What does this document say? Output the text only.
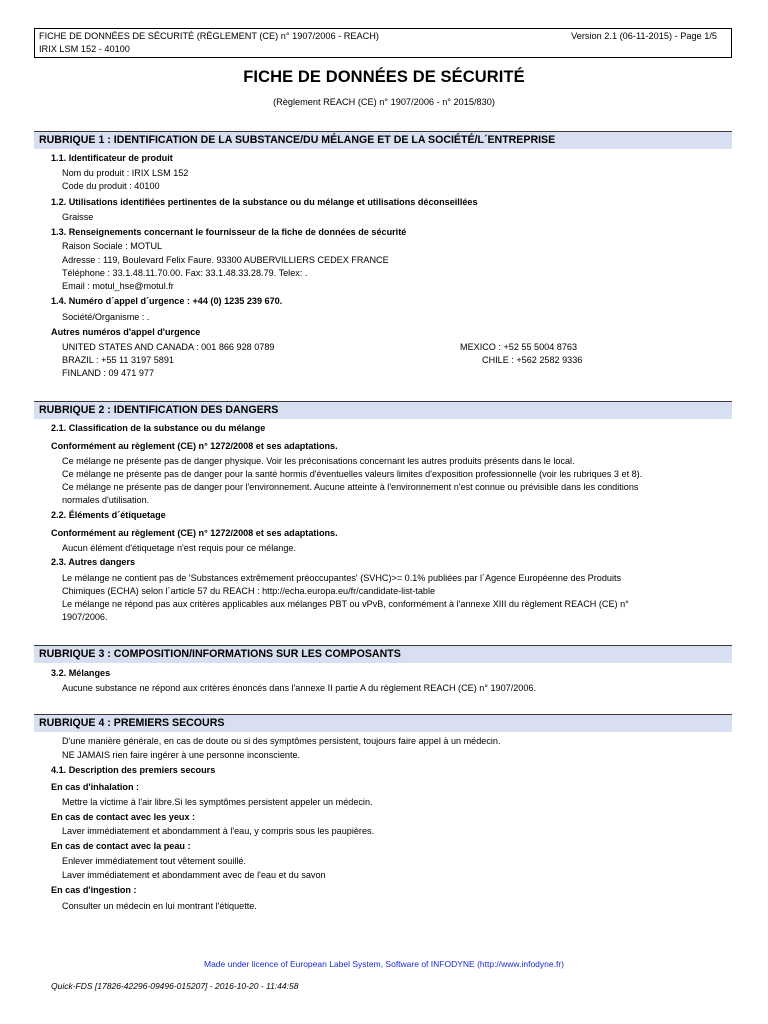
FICHE DE DONNÉES DE SÉCURITÉ (RÈGLEMENT (CE) n° 1907/2006 - REACH)
IRIX LSM 152 - 40100
Version 2.1 (06-11-2015) - Page 1/5
FICHE DE DONNÉES DE SÉCURITÉ
(Règlement REACH (CE) n° 1907/2006 - n° 2015/830)
RUBRIQUE 1 : IDENTIFICATION DE LA SUBSTANCE/DU MÉLANGE ET DE LA SOCIÉTÉ/L´ENTREPRISE
1.1. Identificateur de produit
Nom du produit : IRIX LSM 152
Code du produit : 40100
1.2. Utilisations identifiées pertinentes de la substance ou du mélange et utilisations déconseillées
Graisse
1.3. Renseignements concernant le fournisseur de la fiche de données de sécurité
Raison Sociale : MOTUL
Adresse : 119, Boulevard Felix Faure. 93300 AUBERVILLIERS CEDEX FRANCE
Téléphone : 33.1.48.11.70.00. Fax: 33.1.48.33.28.79. Telex: .
Email : motul_hse@motul.fr
1.4. Numéro d´appel d´urgence : +44 (0) 1235 239 670.
Société/Organisme : .
Autres numéros d'appel d'urgence
UNITED STATES AND CANADA : 001 866 928 0789
BRAZIL : +55 11 3197 5891
FINLAND : 09 471 977
MEXICO : +52 55 5004 8763
CHILE : +562 2582 9336
RUBRIQUE 2 : IDENTIFICATION DES DANGERS
2.1. Classification de la substance ou du mélange
Conformément au règlement (CE) n° 1272/2008 et ses adaptations.
Ce mélange ne présente pas de danger physique. Voir les préconisations concernant les autres produits présents dans le local.
Ce mélange ne présente pas de danger pour la santé hormis d'éventuelles valeurs limites d'exposition professionnelle (voir les rubriques 3 et 8).
Ce mélange ne présente pas de danger pour l'environnement. Aucune atteinte à l'environnement n'est connue ou prévisible dans les conditions
normales d'utilisation.
2.2. Éléments d´étiquetage
Conformément au règlement (CE) n° 1272/2008 et ses adaptations.
Aucun élément d'étiquetage n'est requis pour ce mélange.
2.3. Autres dangers
Le mélange ne contient pas de 'Substances extrêmement préoccupantes' (SVHC)>= 0.1% publiées par l´Agence Européenne des Produits
Chimiques (ECHA) selon l´article 57 du REACH : http://echa.europa.eu/fr/candidate-list-table
Le mélange ne répond pas aux critères applicables aux mélanges PBT ou vPvB, conformément à l'annexe XIII du règlement REACH (CE) n°
1907/2006.
RUBRIQUE 3 : COMPOSITION/INFORMATIONS SUR LES COMPOSANTS
3.2. Mélanges
Aucune substance ne répond aux critères énoncés dans l'annexe II partie A du règlement REACH (CE) n° 1907/2006.
RUBRIQUE 4 : PREMIERS SECOURS
D'une manière générale, en cas de doute ou si des symptômes persistent, toujours faire appel à un médecin.
NE JAMAIS rien faire ingérer à une personne inconsciente.
4.1. Description des premiers secours
En cas d'inhalation :
Mettre la victime à l'air libre.Si les symptômes persistent appeler un médecin.
En cas de contact avec les yeux :
Laver immédiatement et abondamment à l'eau, y compris sous les paupières.
En cas de contact avec la peau :
Enlever immédiatement tout vêtement souillé.
Laver immédiatement et abondamment avec de l'eau et du savon
En cas d'ingestion :
Consulter un médecin en lui montrant l'étiquette.
Made under licence of European Label System, Software of INFODYNE (http://www.infodyne.fr)
Quick-FDS [17826-42296-09496-015207] - 2016-10-20 - 11:44:58
